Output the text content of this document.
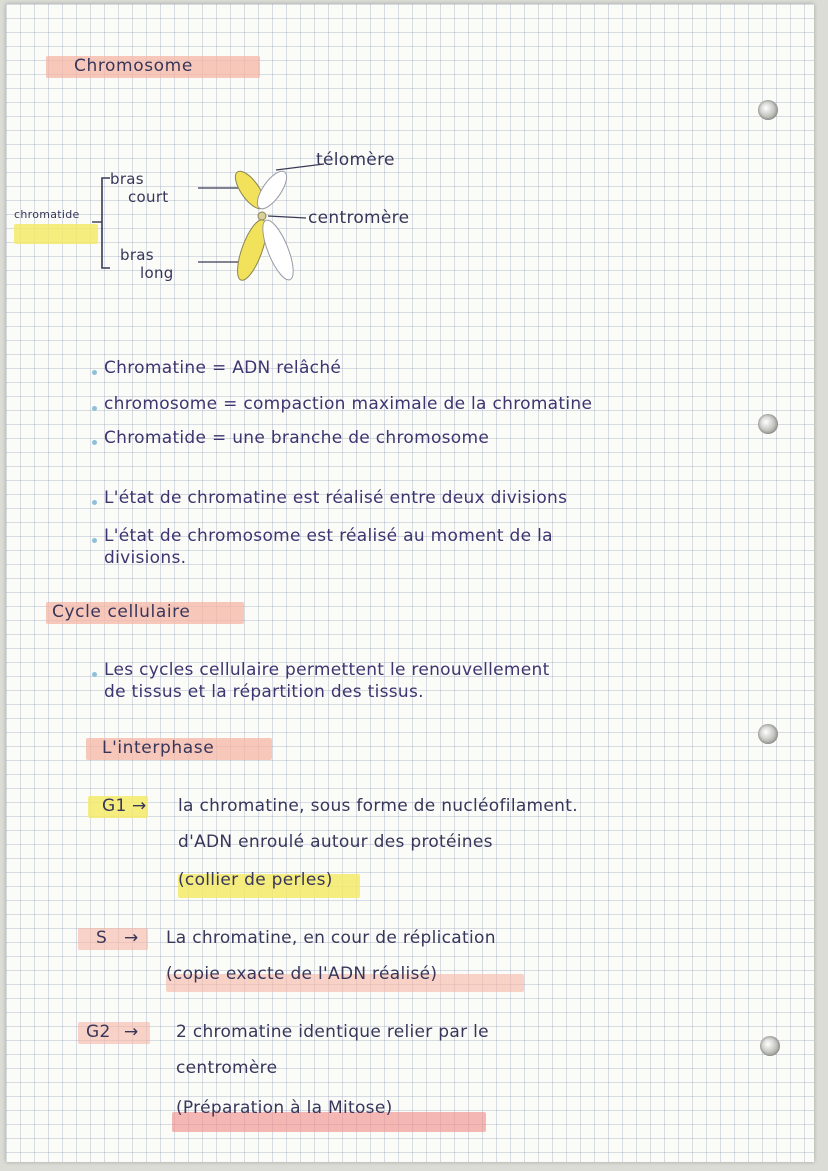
Chromosome
chromatide
bras
court
bras
long
télomère
centromère
Chromatine = ADN relâché
chromosome = compaction maximale de la chromatine
Chromatide = une branche de chromosome
L'état de chromatine est réalisé entre deux divisions
L'état de chromosome est réalisé au moment de la
divisions.
Cycle cellulaire
Les cycles cellulaire permettent le renouvellement
de tissus et la répartition des tissus.
L'interphase
G1 → la chromatine, sous forme de nucléofilament.
d'ADN enroulé autour des protéines
(collier de perles)
S → La chromatine, en cour de réplication
(copie exacte de l'ADN réalisé)
G2 → 2 chromatine identique relier par le
centromère
(Préparation à la Mitose)
